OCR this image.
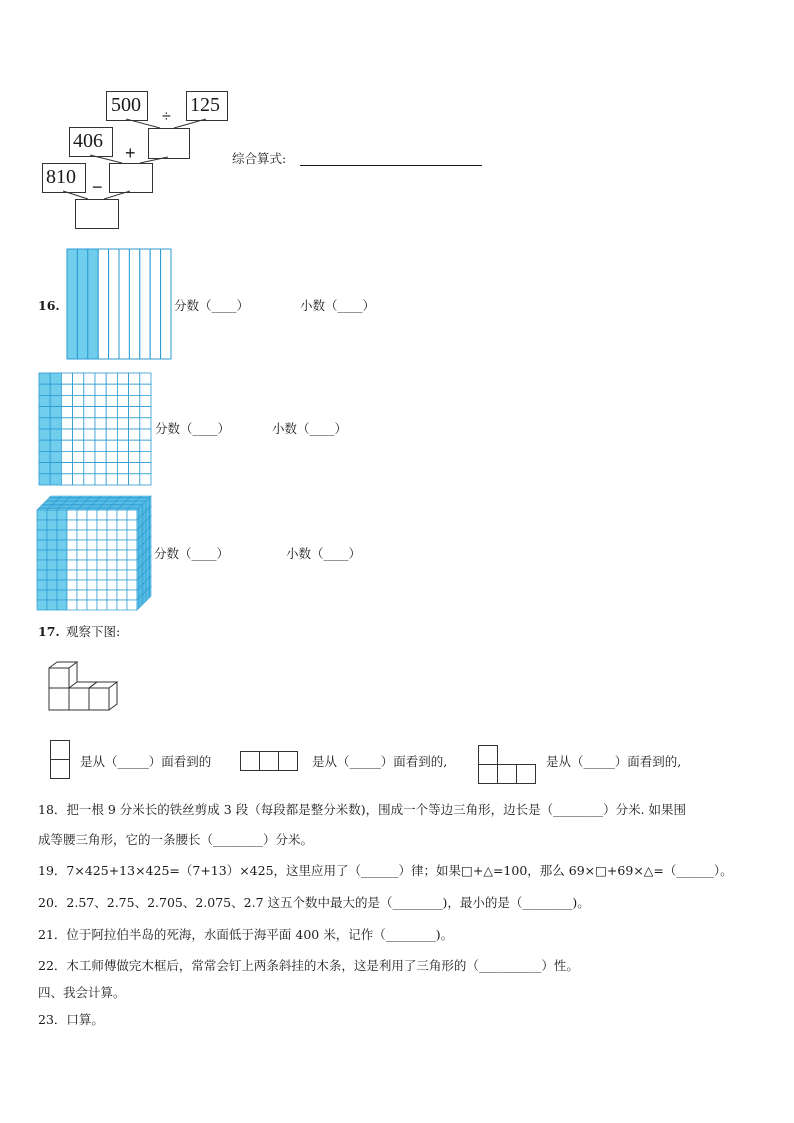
500 125
÷
406
+
810 −
综合算式:
16.	分数（____）	小数（____）
分数（____）	小数（____）
分数（____）	小数（____）
17. 观察下图:
是从（_____）面看到的	是从（_____）面看到的,	是从（_____）面看到的,
18．把一根 9 分米长的铁丝剪成 3 段（每段都是整分米数)，围成一个等边三角形，边长是（________）分米. 如果围
成等腰三角形，它的一条腰长（________）分米。
19．7×425+13×425=（7+13）×425，这里应用了（______）律；如果□+△=100，那么 69×□+69×△=（______）。
20．2.57、2.75、2.705、2.075、2.7 这五个数中最大的是（________)，最小的是（________)。
21．位于阿拉伯半岛的死海，水面低于海平面 400 米，记作（________)。
22．木工师傅做完木框后，常常会钉上两条斜挂的木条，这是利用了三角形的（__________）性。
四、我会计算。
23．口算。
